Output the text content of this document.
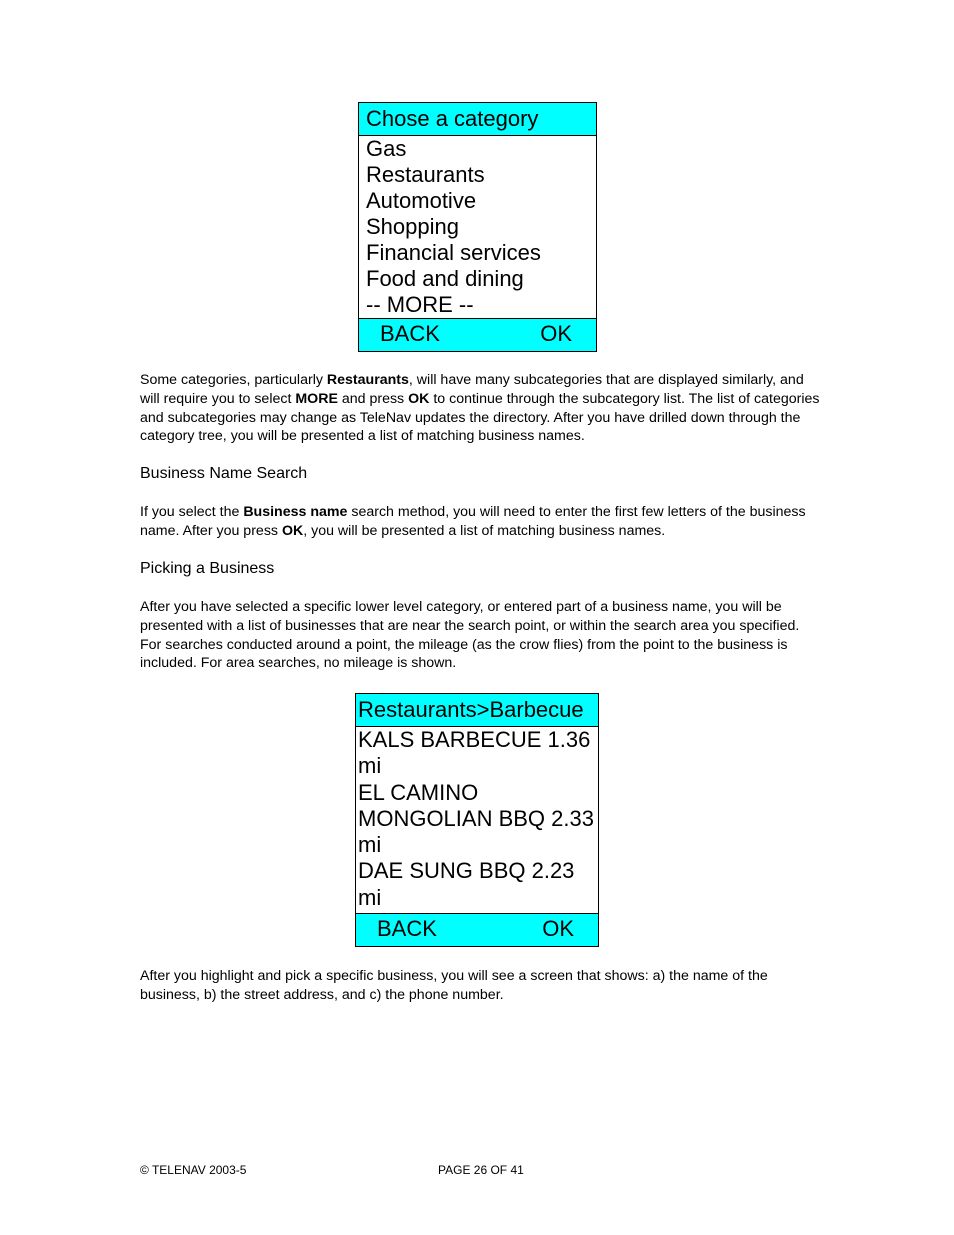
Chose a category
Gas
Restaurants
Automotive
Shopping
Financial services
Food and dining
-- MORE --
BACK	OK

Some categories, particularly Restaurants, will have many subcategories that are displayed similarly, and will require you to select MORE and press OK to continue through the subcategory list. The list of categories and subcategories may change as TeleNav updates the directory. After you have drilled down through the category tree, you will be presented a list of matching business names.

Business Name Search

If you select the Business name search method, you will need to enter the first few letters of the business name. After you press OK, you will be presented a list of matching business names.

Picking a Business

After you have selected a specific lower level category, or entered part of a business name, you will be presented with a list of businesses that are near the search point, or within the search area you specified. For searches conducted around a point, the mileage (as the crow flies) from the point to the business is included. For area searches, no mileage is shown.

Restaurants>Barbecue
KALS BARBECUE 1.36 mi
EL CAMINO MONGOLIAN BBQ 2.33 mi
DAE SUNG BBQ 2.23 mi
BACK	OK

After you highlight and pick a specific business, you will see a screen that shows: a) the name of the business, b) the street address, and c) the phone number.

© TELENAV 2003-5	PAGE 26 OF 41
